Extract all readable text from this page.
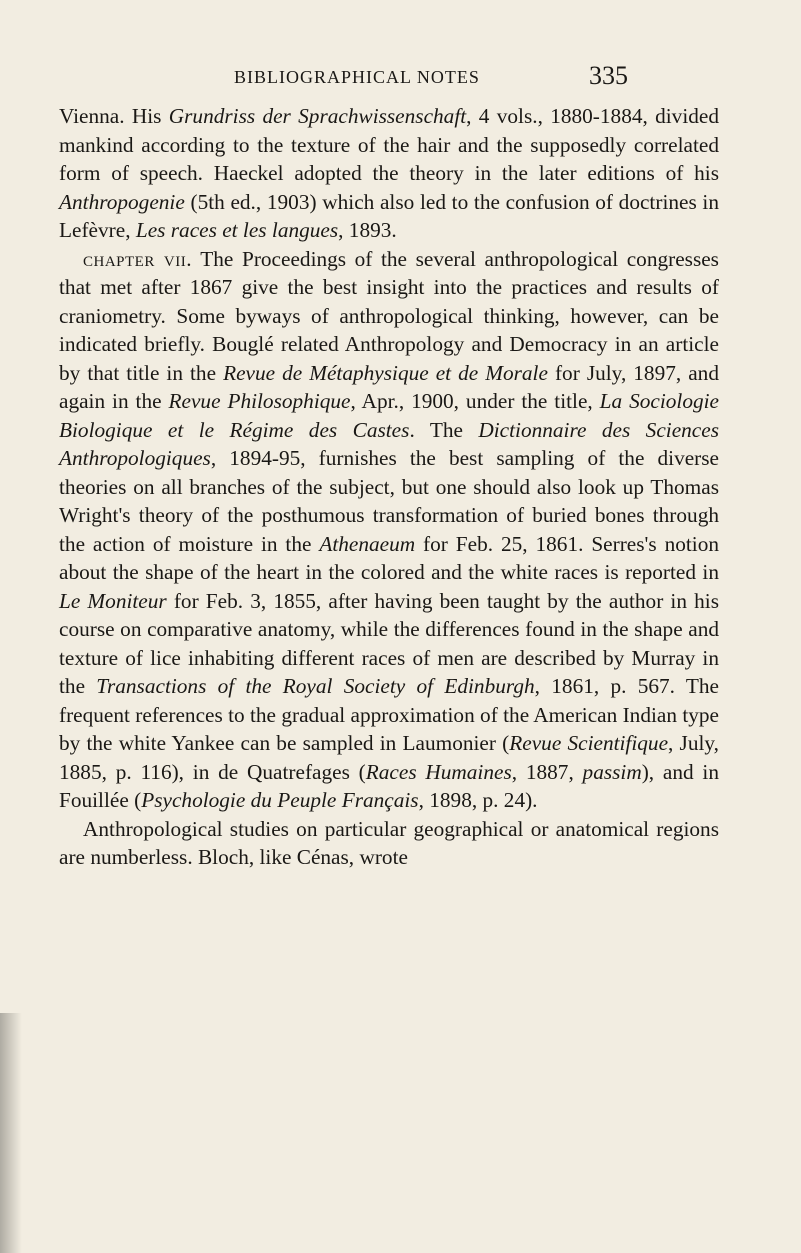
BIBLIOGRAPHICAL NOTES	335

Vienna. His Grundriss der Sprachwissenschaft, 4 vols., 1880-1884, divided mankind according to the texture of the hair and the supposedly correlated form of speech. Haeckel adopted the theory in the later editions of his Anthropogenie (5th ed., 1903) which also led to the confusion of doctrines in Lefèvre, Les races et les langues, 1893.

chapter vii. The Proceedings of the several anthropological congresses that met after 1867 give the best insight into the practices and results of craniometry. Some byways of anthropological thinking, however, can be indicated briefly. Bouglé related Anthropology and Democracy in an article by that title in the Revue de Métaphysique et de Morale for July, 1897, and again in the Revue Philosophique, Apr., 1900, under the title, La Sociologie Biologique et le Régime des Castes. The Dictionnaire des Sciences Anthropologiques, 1894-95, furnishes the best sampling of the diverse theories on all branches of the subject, but one should also look up Thomas Wright's theory of the posthumous transformation of buried bones through the action of moisture in the Athenaeum for Feb. 25, 1861. Serres's notion about the shape of the heart in the colored and the white races is reported in Le Moniteur for Feb. 3, 1855, after having been taught by the author in his course on comparative anatomy, while the differences found in the shape and texture of lice inhabiting different races of men are described by Murray in the Transactions of the Royal Society of Edinburgh, 1861, p. 567. The frequent references to the gradual approximation of the American Indian type by the white Yankee can be sampled in Laumonier (Revue Scientifique, July, 1885, p. 116), in de Quatrefages (Races Humaines, 1887, passim), and in Fouillée (Psychologie du Peuple Français, 1898, p. 24).

Anthropological studies on particular geographical or anatomical regions are numberless. Bloch, like Cénas, wrote
